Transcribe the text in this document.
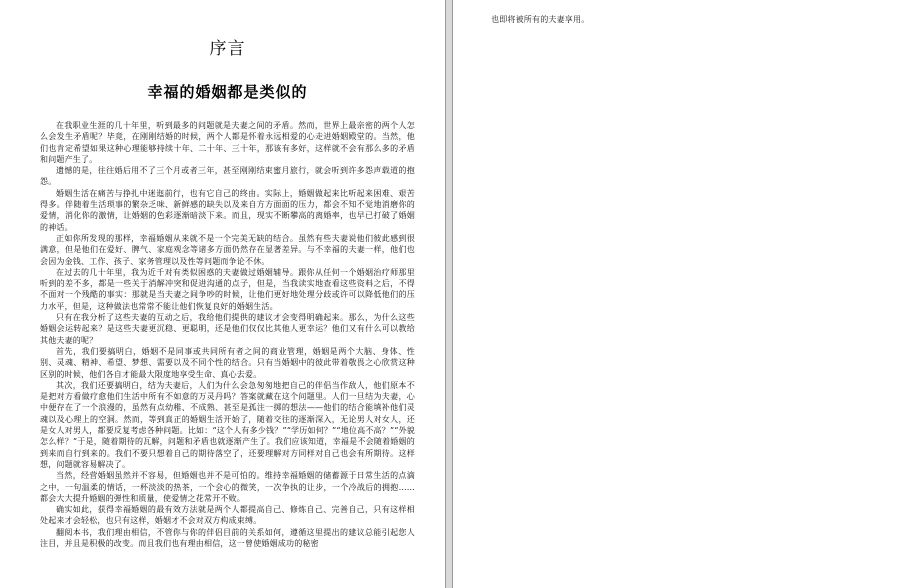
序言
幸福的婚姻都是类似的

在我职业生涯的几十年里，听到最多的问题就是夫妻之间的矛盾。然而，世界上最亲密的两个人怎么会发生矛盾呢？毕竟，在刚刚结婚的时候，两个人都是怀着永远相爱的心走进婚姻殿堂的。当然，他们也肯定希望如果这种心理能够持续十年、二十年、三十年，那该有多好，这样就不会有那么多的矛盾和问题产生了。

遗憾的是，往往婚后用不了三个月或者三年，甚至刚刚结束蜜月旅行，就会听到许多怨声载道的抱怨。

婚姻生活在痛苦与挣扎中迷迤前行，也有它自己的终由。实际上，婚姻做起来比听起来困难、艰苦得多。伴随着生活琐事的繁杂乏味、新鲜感的缺失以及来自方方面面的压力，都会不知不觉地消磨你的爱情，消化你的激情，让婚姻的色彩逐渐暗淡下来。而且，现实不断攀高的离婚率，也早已打破了婚姻的神话。

正如你所发现的那样，幸福婚姻从来就不是一个完美无缺的结合。虽然有些夫妻说他们彼此感到很满意，但是他们在爱好、脾气、家庭观念等诸多方面仍然存在显著差异。与不幸福的夫妻一样，他们也会因为金钱、工作、孩子、家务管理以及性等问题而争论不休。

在过去的几十年里，我为近千对有类似困惑的夫妻做过婚姻辅导。跟你从任何一个婚姻治疗师那里听到的差不多，都是一些关于消解冲突和促进沟通的点子，但是，当我读实地查看这些资料之后，不得不面对一个残酷的事实：那就是当夫妻之间争吵的时候，让他们更好地处理分歧或许可以降低他们的压力水平，但是，这种做法也常常不能让他们恢复良好的婚姻生活。

只有在我分析了这些夫妻的互动之后，我给他们提供的建议才会变得明确起来。那么，为什么这些婚姻会运转起来？是这些夫妻更沉稳、更聪明，还是他们仅仅比其他人更幸运？他们又有什么可以教给其他夫妻的呢？

首先，我们要搞明白，婚姻不是同事或共同所有者之间的商业管理，婚姻是两个大脑、身体、性别、灵魂、精神、希望、梦想、需要以及不同个性的结合。只有当婚姻中的彼此带着敬畏之心欣赏这种区别的时候，他们各自才能最大限度地享受生命、真心去爱。

其次，我们还要搞明白，结为夫妻后，人们为什么会急匆匆地把自己的伴侣当作敌人，他们原本不是把对方看做疗愈他们生活中所有不如意的万灵丹吗？答案就藏在这个问题里。人们一旦结为夫妻，心中便存在了一个浪漫的，虽然有点幼稚、不成熟、甚至是孤注一掷的想法——他们的结合能填补他们灵魂以及心理上的空洞。然而，等到真正的婚姻生活开始了，随着交往的逐渐深入，无论男人对女人，还是女人对男人，都要反复考虑各种问题。比如：“这个人有多少钱？”“学历如何？”“地位高不高？”“外貌怎么样？”于是，随着期待的瓦解，问题和矛盾也就逐渐产生了。我们应该知道，幸福是不会随着婚姻的到来而自行到来的。我们不要只想着自己的期待落空了，还要理解对方同样对自己也会有所期待。这样想，问题就容易解决了。

当然，经营婚姻虽然并不容易，但婚姻也并不是可怕的。维持幸福婚姻的储蓄源于日常生活的点滴之中，一句温柔的情话，一杯淡淡的热茶，一个会心的微笑，一次争执的让步，一个冷战后的拥抱……都会大大提升婚姻的弹性和质量，使爱情之花常开不败。

确实如此，获得幸福婚姻的最有效方法就是两个人都提高自己、修炼自己、完善自己，只有这样相处起来才会轻松，也只有这样，婚姻才不会对双方构成束缚。

翻阅本书，我们理由相信，不管你与你的伴侣目前的关系如何，遵循这里提出的建议总能引起您人注目，并且是积极的改变。而且我们也有理由相信，这一曾使婚姻成功的秘密

也即将被所有的夫妻享用。
